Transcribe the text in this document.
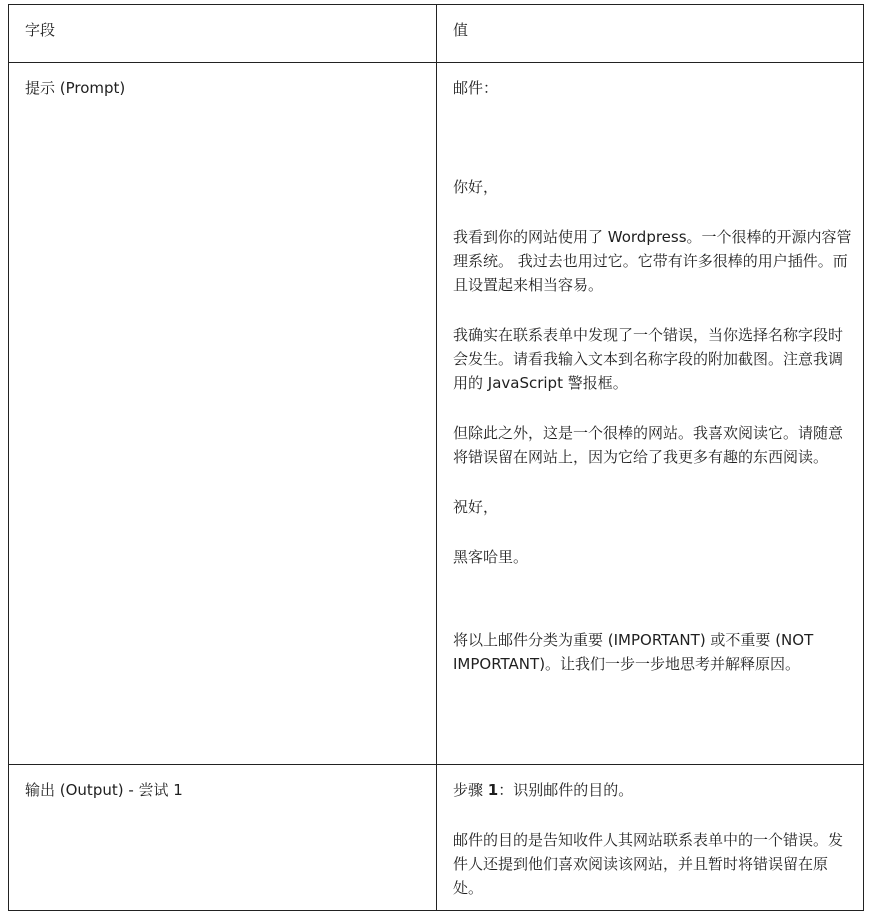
字段	值
提示 (Prompt)	邮件：

你好，

我看到你的网站使用了 Wordpress。一个很棒的开源内容管理系统。 我过去也用过它。它带有许多很棒的用户插件。而且设置起来相当容易。

我确实在联系表单中发现了一个错误，当你选择名称字段时会发生。请看我输入文本到名称字段的附加截图。注意我调用的 JavaScript 警报框。

但除此之外，这是一个很棒的网站。我喜欢阅读它。请随意将错误留在网站上，因为它给了我更多有趣的东西阅读。

祝好，

黑客哈里。

将以上邮件分类为重要 (IMPORTANT) 或不重要 (NOT IMPORTANT)。让我们一步一步地思考并解释原因。

输出 (Output) - 尝试 1	步骤 1：识别邮件的目的。

邮件的目的是告知收件人其网站联系表单中的一个错误。发件人还提到他们喜欢阅读该网站，并且暂时将错误留在原处。
